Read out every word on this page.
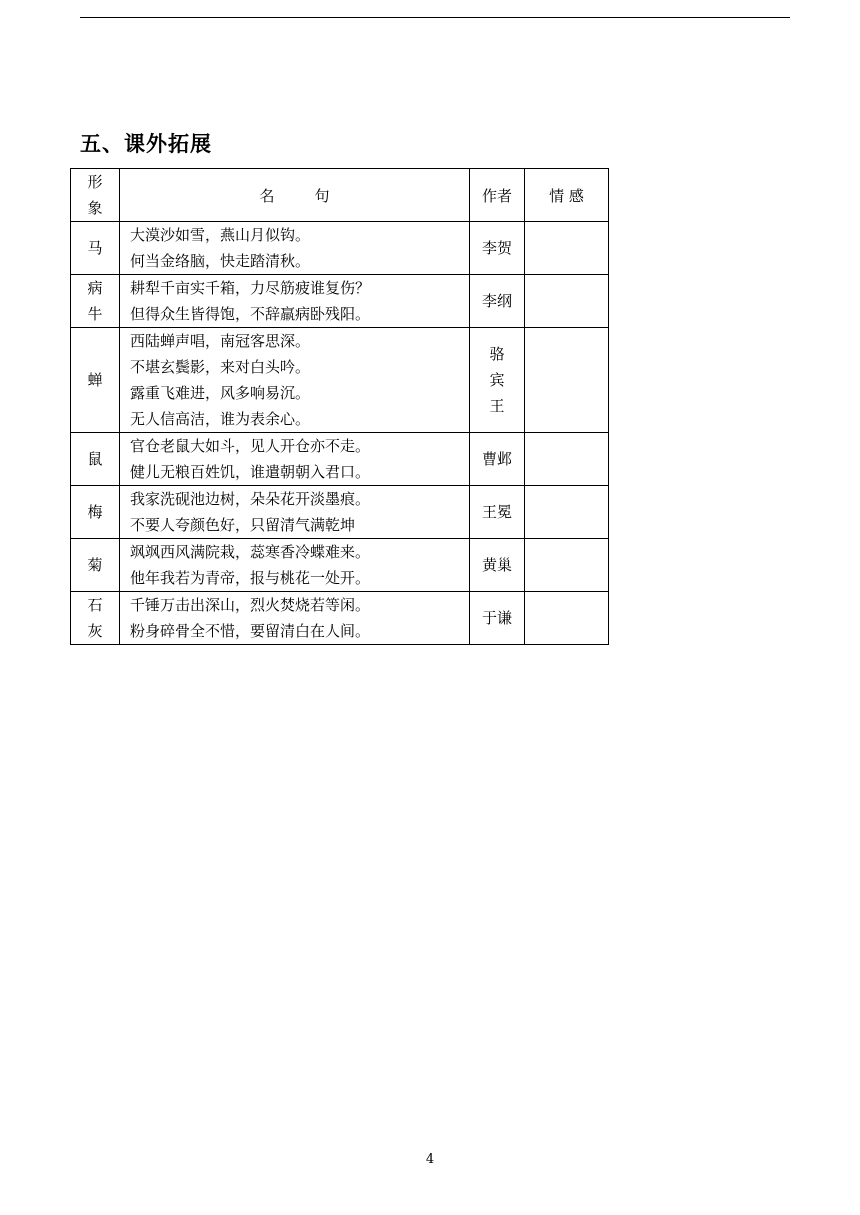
五、课外拓展
形
象	名 句	作者	情 感

马	大漠沙如雪，燕山月似钩。
何当金络脑，快走踏清秋。	李贺	

病
牛	耕犁千亩实千箱，力尽筋疲谁复伤？
但得众生皆得饱，不辞羸病卧残阳。	李纲	

蝉	西陆蝉声唱，南冠客思深。
不堪玄鬓影，来对白头吟。
露重飞难进，风多响易沉。
无人信高洁，谁为表余心。	骆
宾
王	

鼠	官仓老鼠大如斗，见人开仓亦不走。
健儿无粮百姓饥，谁遣朝朝入君口。	曹邺	

梅	我家洗砚池边树，朵朵花开淡墨痕。
不要人夸颜色好，只留清气满乾坤	王冕	

菊	飒飒西风满院栽，蕊寒香冷蝶难来。
他年我若为青帝，报与桃花一处开。	黄巢	

石
灰	千锤万击出深山，烈火焚烧若等闲。
粉身碎骨全不惜，要留清白在人间。	于谦	

4
